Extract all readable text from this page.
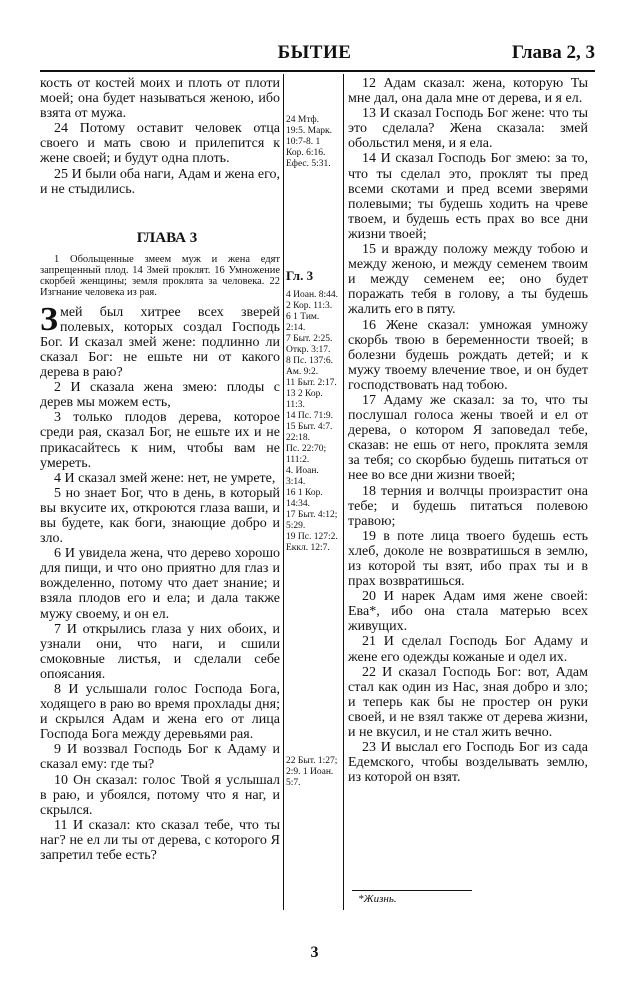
БЫТИЕ	Глава 2, 3

кость от костей моих и плоть от плоти моей; она будет называться женою, ибо взята от мужа.

24 Потому оставит человек отца своего и мать свою и прилепится к жене своей; и будут одна плоть.

25 И были оба наги, Адам и жена его, и не стыдились.

ГЛАВА 3

1 Обольщенные змеем муж и жена едят запрещенный плод. 14 Змей проклят. 16 Умножение скорбей женщины; земля проклята за человека. 22 Изгнание человека из рая.

Змей был хитрее всех зверей полевых, которых создал Господь Бог. И сказал змей жене: подлинно ли сказал Бог: не ешьте ни от какого дерева в раю?

2 И сказала жена змею: плоды с дерев мы можем есть,

3 только плодов дерева, которое среди рая, сказал Бог, не ешьте их и не прикасайтесь к ним, чтобы вам не умереть.

4 И сказал змей жене: нет, не умрете,

5 но знает Бог, что в день, в который вы вкусите их, откроются глаза ваши, и вы будете, как боги, знающие добро и зло.

6 И увидела жена, что дерево хорошо для пищи, и что оно приятно для глаз и вожделенно, потому что дает знание; и взяла плодов его и ела; и дала также мужу своему, и он ел.

7 И открылись глаза у них обоих, и узнали они, что наги, и сшили смоковные листья, и сделали себе опоясания.

8 И услышали голос Господа Бога, ходящего в раю во время прохлады дня; и скрылся Адам и жена его от лица Господа Бога между деревьями рая.

9 И воззвал Господь Бог к Адаму и сказал ему: где ты?

10 Он сказал: голос Твой я услышал в раю, и убоялся, потому что я наг, и скрылся.

11 И сказал: кто сказал тебе, что ты наг? не ел ли ты от дерева, с которого Я запретил тебе есть?

24 Мтф. 19:5. Марк. 10:7-8. 1 Кор. 6:16. Ефес. 5:31.
Гл. 3
4 Иоан. 8:44.
2 Кор. 11:3.
6 1 Тим. 2:14.
7 Быт. 2:25.
Откр. 3:17.
8 Пс. 137:6. Ам. 9:2.
11 Быт. 2:17.
13 2 Кор. 11:3.
14 Пс. 71:9.
15 Быт. 4:7. 22:18.
Пс. 22:70; 111:2.
4. Иоан. 3:14.
16 1 Кор. 14:34.
17 Быт. 4:12; 5:29.
19 Пс. 127:2.
Еккл. 12:7.
22 Быт. 1:27; 2:9. 1 Иоан. 5:7.

12 Адам сказал: жена, которую Ты мне дал, она дала мне от дерева, и я ел.

13 И сказал Господь Бог жене: что ты это сделала? Жена сказала: змей обольстил меня, и я ела.

14 И сказал Господь Бог змею: за то, что ты сделал это, проклят ты пред всеми скотами и пред всеми зверями полевыми; ты будешь ходить на чреве твоем, и будешь есть прах во все дни жизни твоей;

15 и вражду положу между тобою и между женою, и между семенем твоим и между семенем ее; оно будет поражать тебя в голову, а ты будешь жалить его в пяту.

16 Жене сказал: умножая умножу скорбь твою в беременности твоей; в болезни будешь рождать детей; и к мужу твоему влечение твое, и он будет господствовать над тобою.

17 Адаму же сказал: за то, что ты послушал голоса жены твоей и ел от дерева, о котором Я заповедал тебе, сказав: не ешь от него, проклята земля за тебя; со скорбью будешь питаться от нее во все дни жизни твоей;

18 терния и волчцы произрастит она тебе; и будешь питаться полевою травою;

19 в поте лица твоего будешь есть хлеб, доколе не возвратишься в землю, из которой ты взят, ибо прах ты и в прах возвратишься.

20 И нарек Адам имя жене своей: Ева*, ибо она стала матерью всех живущих.

21 И сделал Господь Бог Адаму и жене его одежды кожаные и одел их.

22 И сказал Господь Бог: вот, Адам стал как один из Нас, зная добро и зло; и теперь как бы не простер он руки своей, и не взял также от дерева жизни, и не вкусил, и не стал жить вечно.

23 И выслал его Господь Бог из сада Едемского, чтобы возделывать землю, из которой он взят.

*Жизнь.
3
